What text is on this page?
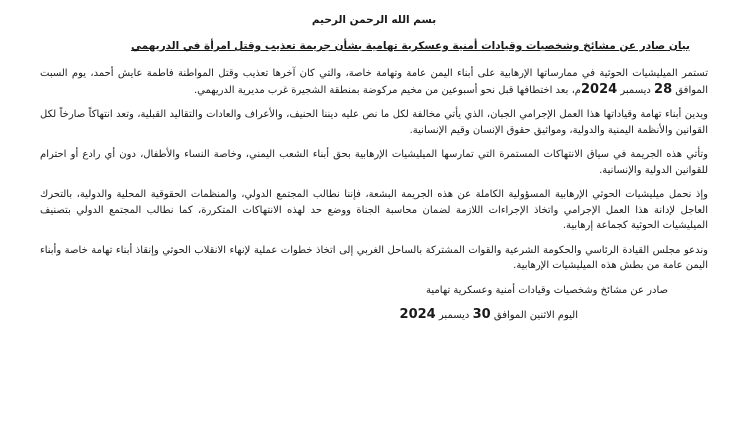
بسم الله الرحمن الرحيم
بيان صادر عن مشائخ وشخصيات وقيادات أمنية وعسكرية تهامية بشأن جريمة تعذيب وقتل امرأة في الدريهمي

تستمر الميليشيات الحوثية في ممارساتها الإرهابية على أبناء اليمن عامة وتهامة خاصة، والتي كان آخرها تعذيب وقتل المواطنة فاطمة عايش أحمد، يوم السبت الموافق 28 ديسمبر 2024م، بعد اختطافها قبل نحو أسبوعين من مخيم مركوضة بمنطقة الشجيرة غرب مديرية الدريهمي.

ويدين أبناء تهامة وقياداتها هذا العمل الإجرامي الجبان، الذي يأتي مخالفة لكل ما نص عليه ديننا الحنيف، والأعراف والعادات والتقاليد القبلية، وتعد انتهاكاً صارخاً لكل القوانين والأنظمة اليمنية والدولية، ومواثيق حقوق الإنسان وقيم الإنسانية.

وتأتي هذه الجريمة في سياق الانتهاكات المستمرة التي تمارسها الميليشيات الإرهابية بحق أبناء الشعب اليمني، وخاصة النساء والأطفال، دون أي رادع أو احترام للقوانين الدولية والإنسانية.

وإذ نحمل ميليشيات الحوثي الإرهابية المسؤولية الكاملة عن هذه الجريمة البشعة، فإننا نطالب المجتمع الدولي، والمنظمات الحقوقية المحلية والدولية، بالتحرك العاجل لإدانة هذا العمل الإجرامي واتخاذ الإجراءات اللازمة لضمان محاسبة الجناة ووضع حد لهذه الانتهاكات المتكررة، كما نطالب المجتمع الدولي بتصنيف الميليشيات الحوثية كجماعة إرهابية.

وندعو مجلس القيادة الرئاسي والحكومة الشرعية والقوات المشتركة بالساحل الغربي إلى اتخاذ خطوات عملية لإنهاء الانقلاب الحوثي وإنقاذ أبناء تهامة خاصة وأبناء اليمن عامة من بطش هذه الميليشيات الإرهابية.

صادر عن مشائخ وشخصيات وقيادات أمنية وعسكرية تهامية
اليوم الاثنين الموافق 30 ديسمبر 2024
